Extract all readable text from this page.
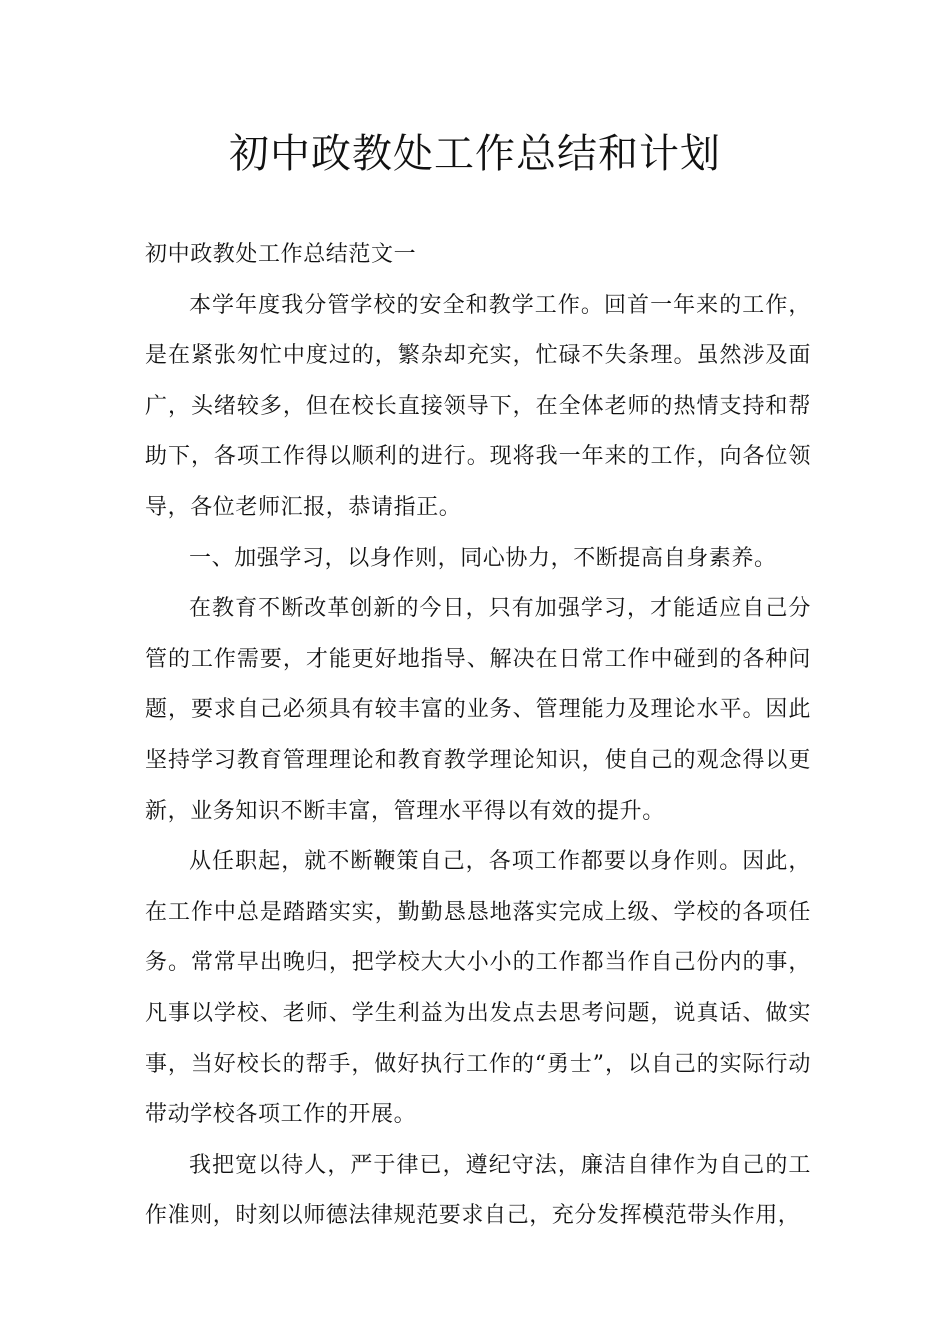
初中政教处工作总结和计划

初中政教处工作总结范文一

本学年度我分管学校的安全和教学工作。回首一年来的工作，是在紧张匆忙中度过的，繁杂却充实，忙碌不失条理。虽然涉及面广，头绪较多，但在校长直接领导下，在全体老师的热情支持和帮助下，各项工作得以顺利的进行。现将我一年来的工作，向各位领导，各位老师汇报，恭请指正。

一、加强学习，以身作则，同心协力，不断提高自身素养。

在教育不断改革创新的今日，只有加强学习，才能适应自己分管的工作需要，才能更好地指导、解决在日常工作中碰到的各种问题，要求自己必须具有较丰富的业务、管理能力及理论水平。因此坚持学习教育管理理论和教育教学理论知识，使自己的观念得以更新，业务知识不断丰富，管理水平得以有效的提升。

从任职起，就不断鞭策自己，各项工作都要以身作则。因此，在工作中总是踏踏实实，勤勤恳恳地落实完成上级、学校的各项任务。常常早出晚归，把学校大大小小的工作都当作自己份内的事，凡事以学校、老师、学生利益为出发点去思考问题，说真话、做实事，当好校长的帮手，做好执行工作的“勇士”，以自己的实际行动带动学校各项工作的开展。

我把宽以待人，严于律已，遵纪守法，廉洁自律作为自己的工作准则，时刻以师德法律规范要求自己，充分发挥模范带头作用，
